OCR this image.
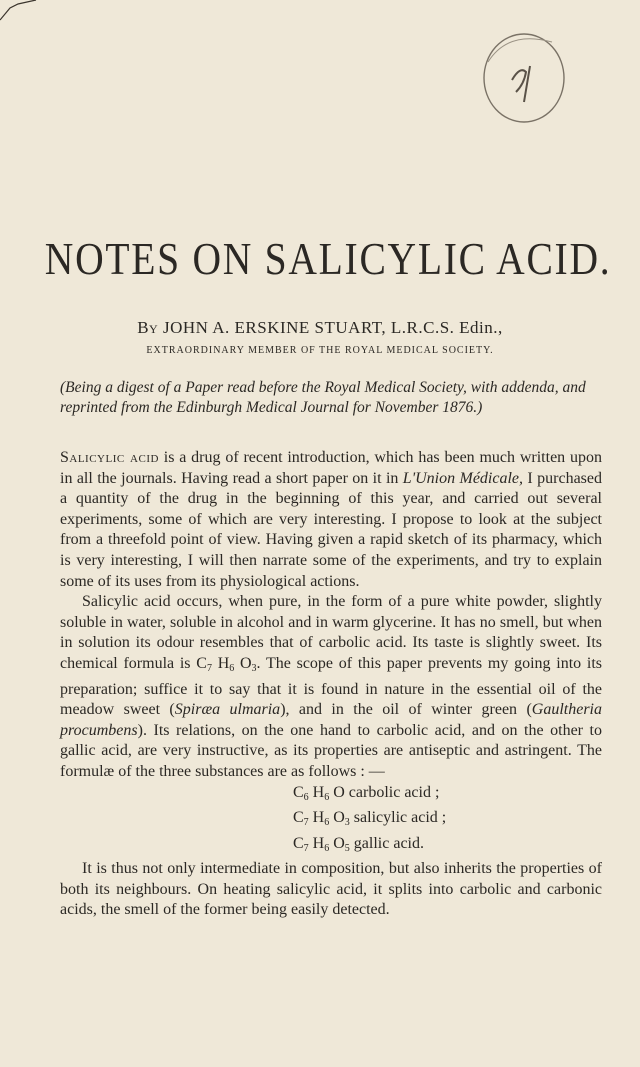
NOTES ON SALICYLIC ACID.
By JOHN A. ERSKINE STUART, L.R.C.S. Edin.,
EXTRAORDINARY MEMBER OF THE ROYAL MEDICAL SOCIETY.
(Being a digest of a Paper read before the Royal Medical Society, with addenda, and reprinted from the Edinburgh Medical Journal for November 1876.)

Salicylic acid is a drug of recent introduction, which has been much written upon in all the journals. Having read a short paper on it in L'Union Médicale, I purchased a quantity of the drug in the beginning of this year, and carried out several experiments, some of which are very interesting. I propose to look at the subject from a threefold point of view. Having given a rapid sketch of its pharmacy, which is very interesting, I will then narrate some of the experiments, and try to explain some of its uses from its physiological actions.

Salicylic acid occurs, when pure, in the form of a pure white powder, slightly soluble in water, soluble in alcohol and in warm glycerine. It has no smell, but when in solution its odour resembles that of carbolic acid. Its taste is slightly sweet. Its chemical formula is $C_7$ $H_6$ $O_3$. The scope of this paper prevents my going into its preparation; suffice it to say that it is found in nature in the essential oil of the meadow sweet (Spiræa ulmaria), and in the oil of winter green (Gaultheria procumbens). Its relations, on the one hand to carbolic acid, and on the other to gallic acid, are very instructive, as its properties are antiseptic and astringent. The formulæ of the three substances are as follows : —

$C_6$ $H_6$ O carbolic acid ;
$C_7$ $H_6$ $O_3$ salicylic acid ;
$C_7$ $H_6$ $O_5$ gallic acid.

It is thus not only intermediate in composition, but also inherits the properties of both its neighbours. On heating salicylic acid, it splits into carbolic and carbonic acids, the smell of the former being easily detected.
